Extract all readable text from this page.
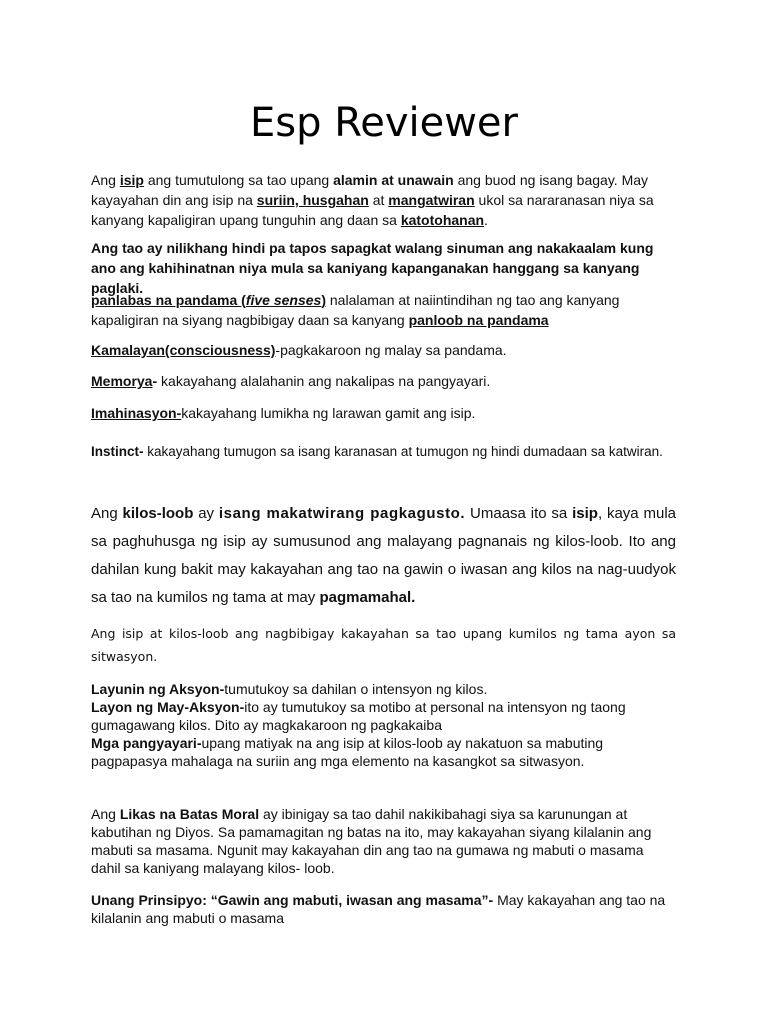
Esp Reviewer

Ang isip ang tumutulong sa tao upang alamin at unawain ang buod ng isang bagay. May kayayahan din ang isip na suriin, husgahan at mangatwiran ukol sa nararanasan niya sa kanyang kapaligiran upang tunguhin ang daan sa katotohanan.

Ang tao ay nilikhang hindi pa tapos sapagkat walang sinuman ang nakakaalam kung ano ang kahihinatnan niya mula sa kaniyang kapanganakan hanggang sa kanyang paglaki.

panlabas na pandama (five senses) nalalaman at naiintindihan ng tao ang kanyang kapaligiran na siyang nagbibigay daan sa kanyang panloob na pandama

Kamalayan(consciousness)-pagkakaroon ng malay sa pandama.

Memorya- kakayahang alalahanin ang nakalipas na pangyayari.

Imahinasyon-kakayahang lumikha ng larawan gamit ang isip.

Instinct- kakayahang tumugon sa isang karanasan at tumugon ng hindi dumadaan sa katwiran.

Ang kilos-loob ay isang makatwirang pagkagusto. Umaasa ito sa isip, kaya mula sa paghuhusga ng isip ay sumusunod ang malayang pagnanais ng kilos-loob. Ito ang dahilan kung bakit may kakayahan ang tao na gawin o iwasan ang kilos na nag-uudyok sa tao na kumilos ng tama at may pagmamahal.

Ang isip at kilos-loob ang nagbibigay kakayahan sa tao upang kumilos ng tama ayon sa sitwasyon.

Layunin ng Aksyon-tumutukoy sa dahilan o intensyon ng kilos.
Layon ng May-Aksyon-ito ay tumutukoy sa motibo at personal na intensyon ng taong gumagawang kilos. Dito ay magkakaroon ng pagkakaiba
Mga pangyayari-upang matiyak na ang isip at kilos-loob ay nakatuon sa mabuting pagpapasya mahalaga na suriin ang mga elemento na kasangkot sa sitwasyon.

Ang Likas na Batas Moral ay ibinigay sa tao dahil nakikibahagi siya sa karunungan at kabutihan ng Diyos. Sa pamamagitan ng batas na ito, may kakayahan siyang kilalanin ang mabuti sa masama. Ngunit may kakayahan din ang tao na gumawa ng mabuti o masama dahil sa kaniyang malayang kilos- loob.

Unang Prinsipyo: “Gawin ang mabuti, iwasan ang masama”- May kakayahan ang tao na kilalanin ang mabuti o masama
